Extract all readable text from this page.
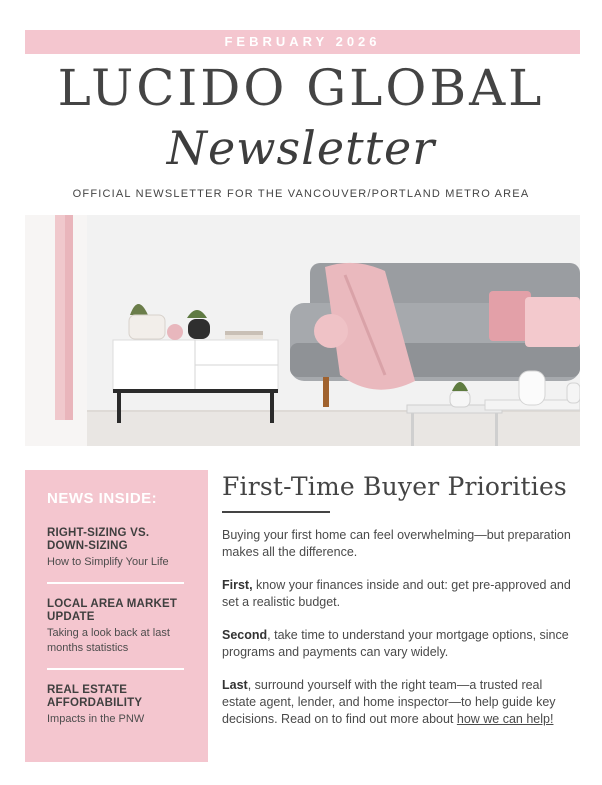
FEBRUARY 2026
LUCIDO GLOBAL
Newsletter
OFFICIAL NEWSLETTER FOR THE VANCOUVER/PORTLAND METRO AREA
NEWS INSIDE:
RIGHT-SIZING VS. DOWN-SIZING
How to Simplify Your Life
LOCAL AREA MARKET UPDATE
Taking a look back at last months statistics
REAL ESTATE AFFORDABILITY
Impacts in the PNW
First-Time Buyer Priorities

Buying your first home can feel overwhelming—but preparation makes all the difference.

First, know your finances inside and out: get pre-approved and set a realistic budget.

Second, take time to understand your mortgage options, since programs and payments can vary widely.

Last, surround yourself with the right team—a trusted real estate agent, lender, and home inspector—to help guide key decisions. Read on to find out more about how we can help!
